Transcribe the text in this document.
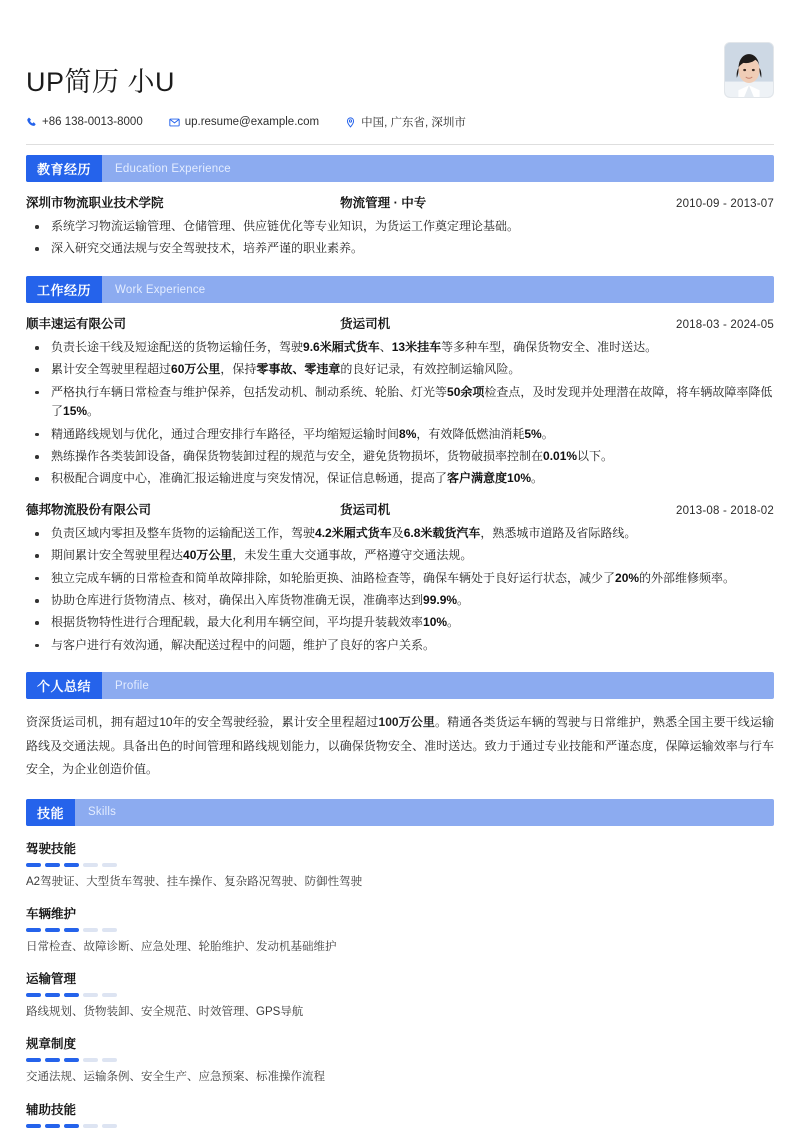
UP简历 小U
+86 138-0013-8000	up.resume@example.com	中国, 广东省, 深圳市
教育经历	Education Experience
深圳市物流职业技术学院	物流管理 · 中专	2010-09 - 2013-07
系统学习物流运输管理、仓储管理、供应链优化等专业知识，为货运工作奠定理论基础。
深入研究交通法规与安全驾驶技术，培养严谨的职业素养。
工作经历	Work Experience
顺丰速运有限公司	货运司机	2018-03 - 2024-05
负责长途干线及短途配送的货物运输任务，驾驶9.6米厢式货车、13米挂车等多种车型，确保货物安全、准时送达。
累计安全驾驶里程超过60万公里，保持零事故、零违章的良好记录，有效控制运输风险。
严格执行车辆日常检查与维护保养，包括发动机、制动系统、轮胎、灯光等50余项检查点，及时发现并处理潜在故障，将车辆故障率降低了15%。
精通路线规划与优化，通过合理安排行车路径，平均缩短运输时间8%，有效降低燃油消耗5%。
熟练操作各类装卸设备，确保货物装卸过程的规范与安全，避免货物损坏，货物破损率控制在0.01%以下。
积极配合调度中心，准确汇报运输进度与突发情况，保证信息畅通，提高了客户满意度10%。
德邦物流股份有限公司	货运司机	2013-08 - 2018-02
负责区域内零担及整车货物的运输配送工作，驾驶4.2米厢式货车及6.8米载货汽车，熟悉城市道路及省际路线。
期间累计安全驾驶里程达40万公里，未发生重大交通事故，严格遵守交通法规。
独立完成车辆的日常检查和简单故障排除，如轮胎更换、油路检查等，确保车辆处于良好运行状态，减少了20%的外部维修频率。
协助仓库进行货物清点、核对，确保出入库货物准确无误，准确率达到99.9%。
根据货物特性进行合理配载，最大化利用车辆空间，平均提升装载效率10%。
与客户进行有效沟通，解决配送过程中的问题，维护了良好的客户关系。
个人总结	Profile
资深货运司机，拥有超过10年的安全驾驶经验，累计安全里程超过100万公里。精通各类货运车辆的驾驶与日常维护，熟悉全国主要干线运输路线及交通法规。具备出色的时间管理和路线规划能力，以确保货物安全、准时送达。致力于通过专业技能和严谨态度，保障运输效率与行车安全，为企业创造价值。
技能	Skills
驾驶技能
A2驾驶证、大型货车驾驶、挂车操作、复杂路况驾驶、防御性驾驶
车辆维护
日常检查、故障诊断、应急处理、轮胎维护、发动机基础维护
运输管理
路线规划、货物装卸、安全规范、时效管理、GPS导航
规章制度
交通法规、运输条例、安全生产、应急预案、标准操作流程
辅助技能
